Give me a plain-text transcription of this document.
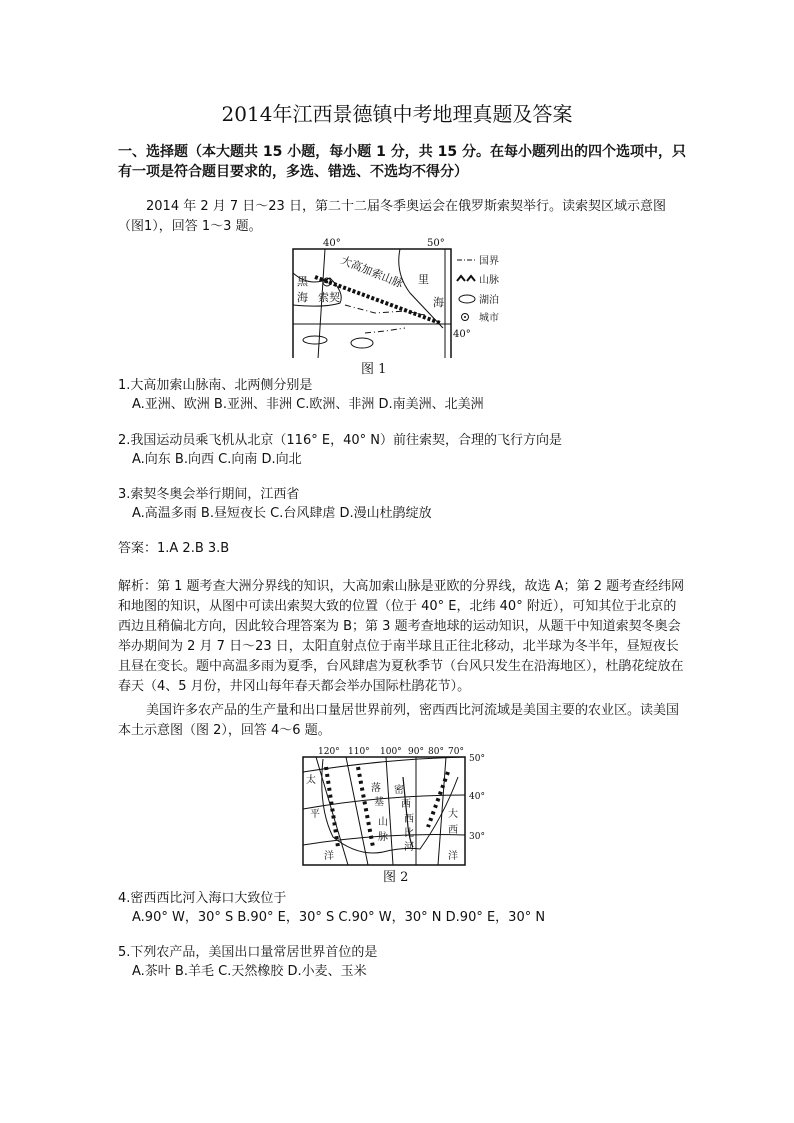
2014年江西景德镇中考地理真题及答案
一、选择题（本大题共 15 小题，每小题 1 分，共 15 分。在每小题列出的四个选项中，只
有一项是符合题目要求的，多选、错选、不选均不得分）
2014 年 2 月 7 日～23 日，第二十二届冬季奥运会在俄罗斯索契举行。读索契区域示意图（图1），回答 1～3 题。
40°	50°
40°
黑
海 索契
大高加索山脉 里
海
国界
山脉
湖泊
城市
图 1
1.大高加索山脉南、北两侧分别是
A.亚洲、欧洲 B.亚洲、非洲 C.欧洲、非洲 D.南美洲、北美洲
2.我国运动员乘飞机从北京（116° E，40° N）前往索契，合理的飞行方向是
A.向东 B.向西 C.向南 D.向北
3.索契冬奥会举行期间，江西省
A.高温多雨 B.昼短夜长 C.台风肆虐 D.漫山杜鹃绽放
答案：1.A 2.B 3.B
解析：第 1 题考查大洲分界线的知识，大高加索山脉是亚欧的分界线，故选 A；第 2 题考查经纬网和地图的知识，从图中可读出索契大致的位置（位于 40° E，北纬 40° 附近），可知其位于北京的西边且稍偏北方向，因此较合理答案为 B；第 3 题考查地球的运动知识，从题干中知道索契冬奥会举办期间为 2 月 7 日～23 日，太阳直射点位于南半球且正往北移动，北半球为冬半年，昼短夜长且昼在变长。题中高温多雨为夏季，台风肆虐为夏秋季节（台风只发生在沿海地区），杜鹃花绽放在春天（4、5 月份，井冈山每年春天都会举办国际杜鹃花节）。
美国许多农产品的生产量和出口量居世界前列，密西西比河流域是美国主要的农业区。读美国本土示意图（图 2），回答 4～6 题。
120° 110° 100° 90° 80° 70°
50°
40°
30°
太
平
洋
落
基
山
脉
密
西
西
比
河
大
西
洋
图 2
4.密西西比河入海口大致位于
A.90° W，30° S B.90° E，30° S C.90° W，30° N D.90° E，30° N
5.下列农产品，美国出口量常居世界首位的是
A.茶叶 B.羊毛 C.天然橡胶 D.小麦、玉米
